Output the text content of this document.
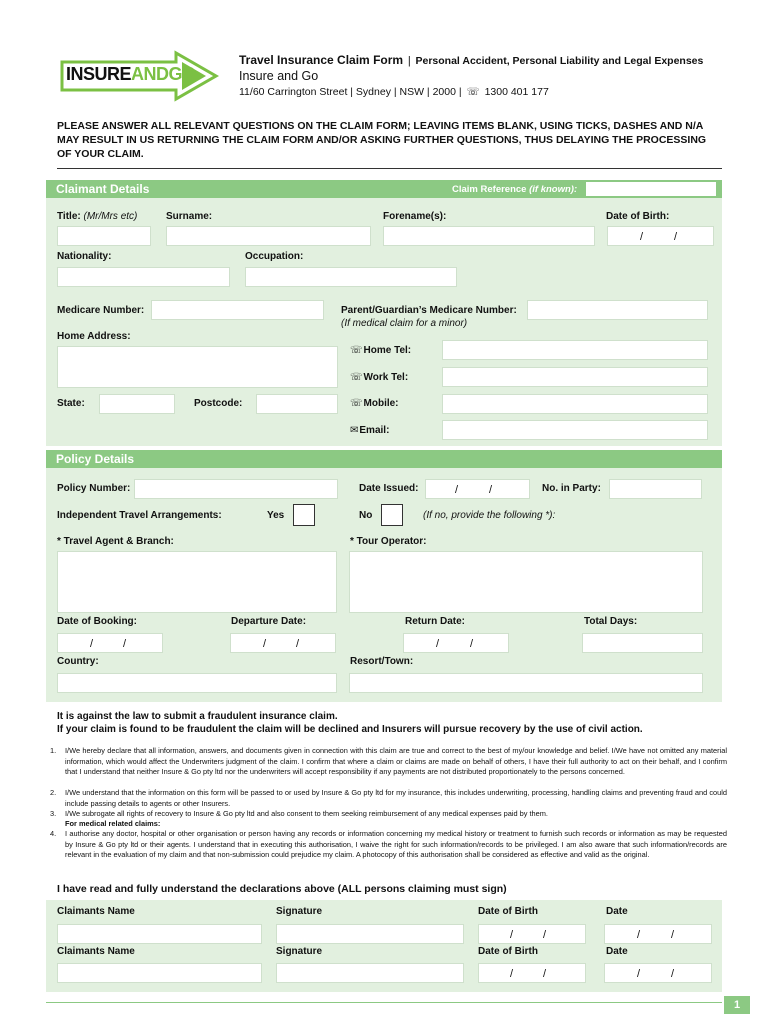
INSUREANDGO
Travel Insurance Claim Form | Personal Accident, Personal Liability and Legal Expenses
Insure and Go
11/60 Carrington Street | Sydney | NSW | 2000 | ☏ 1300 401 177
PLEASE ANSWER ALL RELEVANT QUESTIONS ON THE CLAIM FORM; LEAVING ITEMS BLANK, USING TICKS, DASHES AND N/A MAY RESULT IN US RETURNING THE CLAIM FORM AND/OR ASKING FURTHER QUESTIONS, THUS DELAYING THE PROCESSING OF YOUR CLAIM.
Claimant Details	Claim Reference (if known):
Title: (Mr/Mrs etc)	Surname:	Forename(s):	Date of Birth:
/	/
Nationality:	Occupation:
Medicare Number:	Parent/Guardian’s Medicare Number:
(If medical claim for a minor)
Home Address:
☏Home Tel:
☏Work Tel:
State:	Postcode:	☏Mobile:
✉Email:
Policy Details
Policy Number:	Date Issued:	/	/	No. in Party:
Independent Travel Arrangements:	Yes	No	(If no, provide the following *):
* Travel Agent & Branch:	* Tour Operator:
Date of Booking:	Departure Date:	Return Date:	Total Days:
/	/	/	/	/	/
Country:	Resort/Town:
It is against the law to submit a fraudulent insurance claim.
If your claim is found to be fraudulent the claim will be declined and Insurers will pursue recovery by the use of civil action.
1.	I/We hereby declare that all information, answers, and documents given in connection with this claim are true and correct to the best of my/our knowledge and belief. I/We have not omitted any material information, which would affect the Underwriters judgment of the claim. I confirm that where a claim or claims are made on behalf of others, I have their full authority to act on their behalf, and I confirm that I understand that neither Insure & Go pty ltd nor the underwriters will accept responsibility if any payments are not distributed proportionately to the persons concerned.

2.	I/We understand that the information on this form will be passed to or used by Insure & Go pty ltd for my insurance, this includes underwriting, processing, handling claims and preventing fraud and could include passing details to agents or other Insurers.

3.	I/We subrogate all rights of recovery to Insure & Go pty ltd and also consent to them seeking reimbursement of any medical expenses paid by them.

For medical related claims:

4.	I authorise any doctor, hospital or other organisation or person having any records or information concerning my medical history or treatment to furnish such records or information as may be requested by Insure & Go pty ltd or their agents. I understand that in executing this authorisation, I waive the right for such information/records to be privileged. I am also aware that such information/records are relevant in the evaluation of my claim and that non-submission could prejudice my claim. A photocopy of this authorisation shall be considered as effective and valid as the original.

I have read and fully understand the declarations above (ALL persons claiming must sign)
Claimants Name	Signature	Date of Birth	Date
/	/	/	/
Claimants Name	Signature	Date of Birth	Date
/	/	/	/
1
